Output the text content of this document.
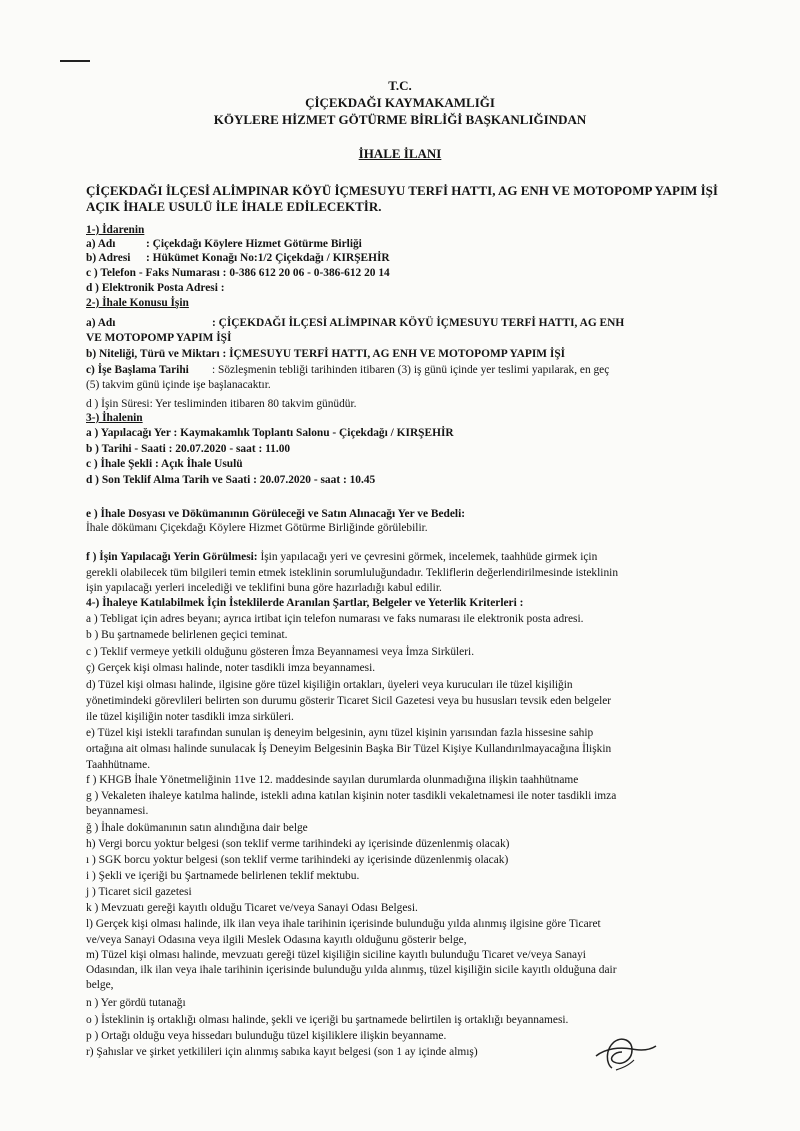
T.C.
ÇİÇEKDAĞI KAYMAKAMLIĞI
KÖYLERE HİZMET GÖTÜRME BİRLİĞİ BAŞKANLIĞINDAN
İHALE İLANI
ÇİÇEKDAĞI İLÇESİ ALİMPINAR KÖYÜ İÇMESUYU TERFİ HATTI, AG ENH VE MOTOPOMP YAPIM İŞİ AÇIK İHALE USULÜ İLE İHALE EDİLECEKTİR.
1-) İdarenin
a) Adı	: Çiçekdağı Köylere Hizmet Götürme Birliği
b) Adresi : Hükümet Konağı No:1/2 Çiçekdağı / KIRŞEHİR
c ) Telefon - Faks Numarası : 0-386 612 20 06 - 0-386-612 20 14
d ) Elektronik Posta Adresi :
2-) İhale Konusu İşin
a) Adı	: ÇİÇEKDAĞI İLÇESİ ALİMPINAR KÖYÜ İÇMESUYU TERFİ HATTI, AG ENH
VE MOTOPOMP YAPIM İŞİ
b) Niteliği, Türü ve Miktarı : İÇMESUYU TERFİ HATTI, AG ENH VE MOTOPOMP YAPIM İŞİ
c) İşe Başlama Tarihi : Sözleşmenin tebliği tarihinden itibaren (3) iş günü içinde yer teslimi yapılarak, en geç
(5) takvim günü içinde işe başlanacaktır.
d ) İşin Süresi: Yer tesliminden itibaren 80 takvim günüdür.
3-) İhalenin
a ) Yapılacağı Yer : Kaymakamlık Toplantı Salonu - Çiçekdağı / KIRŞEHİR
b ) Tarihi - Saati : 20.07.2020 - saat : 11.00
c ) İhale Şekli : Açık İhale Usulü
d ) Son Teklif Alma Tarih ve Saati : 20.07.2020 - saat : 10.45
e ) İhale Dosyası ve Dökümanının Görüleceği ve Satın Alınacağı Yer ve Bedeli:
İhale dökümanı Çiçekdağı Köylere Hizmet Götürme Birliğinde görülebilir.
f ) İşin Yapılacağı Yerin Görülmesi: İşin yapılacağı yeri ve çevresini görmek, incelemek, taahhüde girmek için
gerekli olabilecek tüm bilgileri temin etmek isteklinin sorumluluğundadır. Tekliflerin değerlendirilmesinde isteklinin
işin yapılacağı yerleri incelediği ve teklifini buna göre hazırladığı kabul edilir.
4-) İhaleye Katılabilmek İçin İsteklilerde Aranılan Şartlar, Belgeler ve Yeterlik Kriterleri :
a ) Tebligat için adres beyanı; ayrıca irtibat için telefon numarası ve faks numarası ile elektronik posta adresi.
b ) Bu şartnamede belirlenen geçici teminat.
c ) Teklif vermeye yetkili olduğunu gösteren İmza Beyannamesi veya İmza Sirküleri.
ç) Gerçek kişi olması halinde, noter tasdikli imza beyannamesi.
d) Tüzel kişi olması halinde, ilgisine göre tüzel kişiliğin ortakları, üyeleri veya kurucuları ile tüzel kişiliğin
yönetimindeki görevlileri belirten son durumu gösterir Ticaret Sicil Gazetesi veya bu hususları tevsik eden belgeler
ile tüzel kişiliğin noter tasdikli imza sirküleri.
e) Tüzel kişi istekli tarafından sunulan iş deneyim belgesinin, aynı tüzel kişinin yarısından fazla hissesine sahip
ortağına ait olması halinde sunulacak İş Deneyim Belgesinin Başka Bir Tüzel Kişiye Kullandırılmayacağına İlişkin
Taahhütname.
f ) KHGB İhale Yönetmeliğinin 11ve 12. maddesinde sayılan durumlarda olunmadığına ilişkin taahhütname
g ) Vekaleten ihaleye katılma halinde, istekli adına katılan kişinin noter tasdikli vekaletnamesi ile noter tasdikli imza
beyannamesi.
ğ ) İhale dokümanının satın alındığına dair belge
h) Vergi borcu yoktur belgesi (son teklif verme tarihindeki ay içerisinde düzenlenmiş olacak)
ı ) SGK borcu yoktur belgesi (son teklif verme tarihindeki ay içerisinde düzenlenmiş olacak)
i ) Şekli ve içeriği bu Şartnamede belirlenen teklif mektubu.
j ) Ticaret sicil gazetesi
k ) Mevzuatı gereği kayıtlı olduğu Ticaret ve/veya Sanayi Odası Belgesi.
l) Gerçek kişi olması halinde, ilk ilan veya ihale tarihinin içerisinde bulunduğu yılda alınmış ilgisine göre Ticaret
ve/veya Sanayi Odasına veya ilgili Meslek Odasına kayıtlı olduğunu gösterir belge,
m) Tüzel kişi olması halinde, mevzuatı gereği tüzel kişiliğin siciline kayıtlı bulunduğu Ticaret ve/veya Sanayi
Odasından, ilk ilan veya ihale tarihinin içerisinde bulunduğu yılda alınmış, tüzel kişiliğin sicile kayıtlı olduğuna dair
belge,
n ) Yer gördü tutanağı
o ) İsteklinin iş ortaklığı olması halinde, şekli ve içeriği bu şartnamede belirtilen iş ortaklığı beyannamesi.
p ) Ortağı olduğu veya hissedarı bulunduğu tüzel kişiliklere ilişkin beyanname.
r) Şahıslar ve şirket yetkilileri için alınmış sabıka kayıt belgesi (son 1 ay içinde almış)
